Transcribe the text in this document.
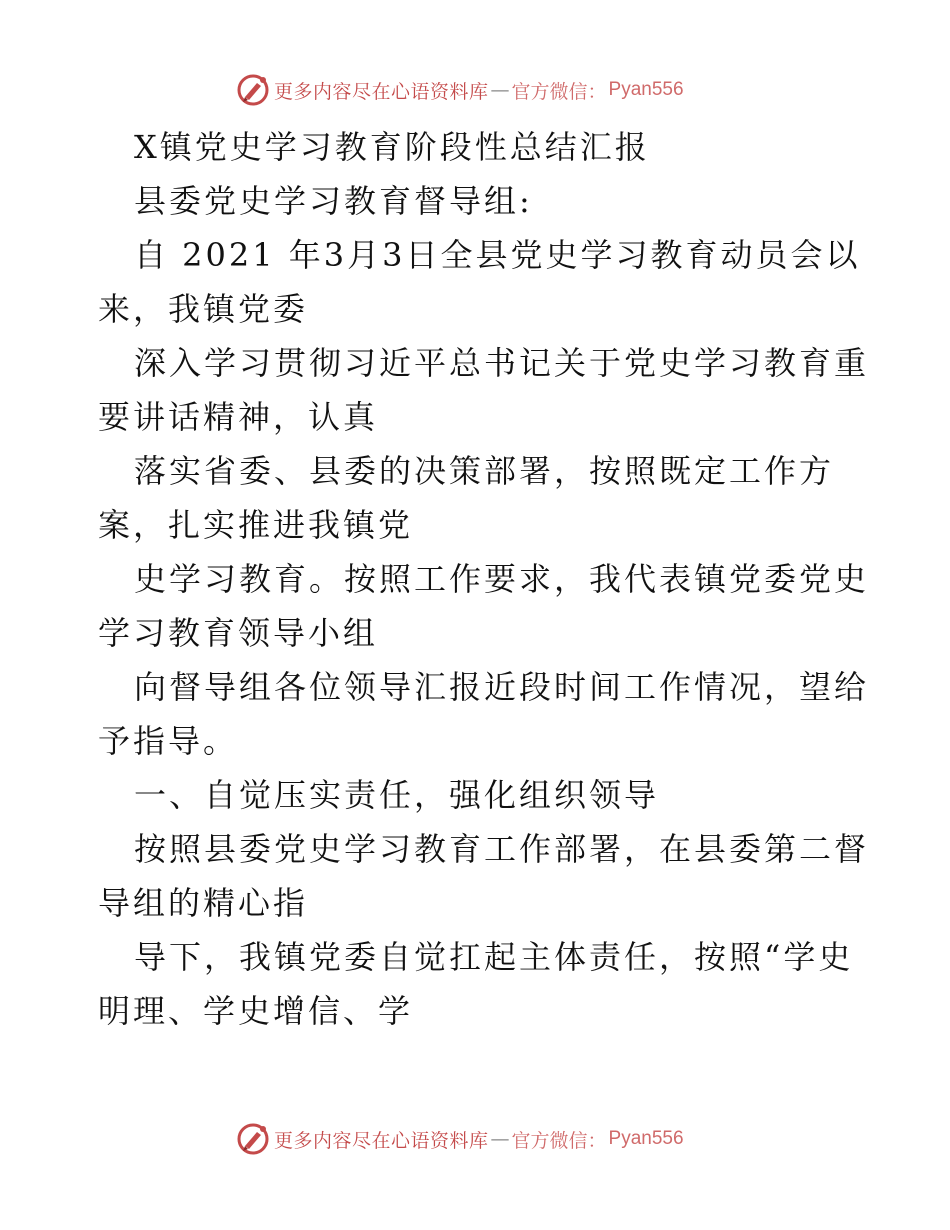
更多内容尽在心语资料库 — 官方微信： Pyan556

X镇党史学习教育阶段性总结汇报

县委党史学习教育督导组:

自 2021 年3月3日全县党史学习教育动员会以

来，我镇党委

深入学习贯彻习近平总书记关于党史学习教育重

要讲话精神，认真

落实省委、县委的决策部署，按照既定工作方

案，扎实推进我镇党

史学习教育。按照工作要求，我代表镇党委党史

学习教育领导小组

向督导组各位领导汇报近段时间工作情况，望给

予指导。

一、自觉压实责任，强化组织领导

按照县委党史学习教育工作部署，在县委第二督

导组的精心指

导下，我镇党委自觉扛起主体责任，按照“学史

明理、学史增信、学

更多内容尽在心语资料库 — 官方微信： Pyan556
